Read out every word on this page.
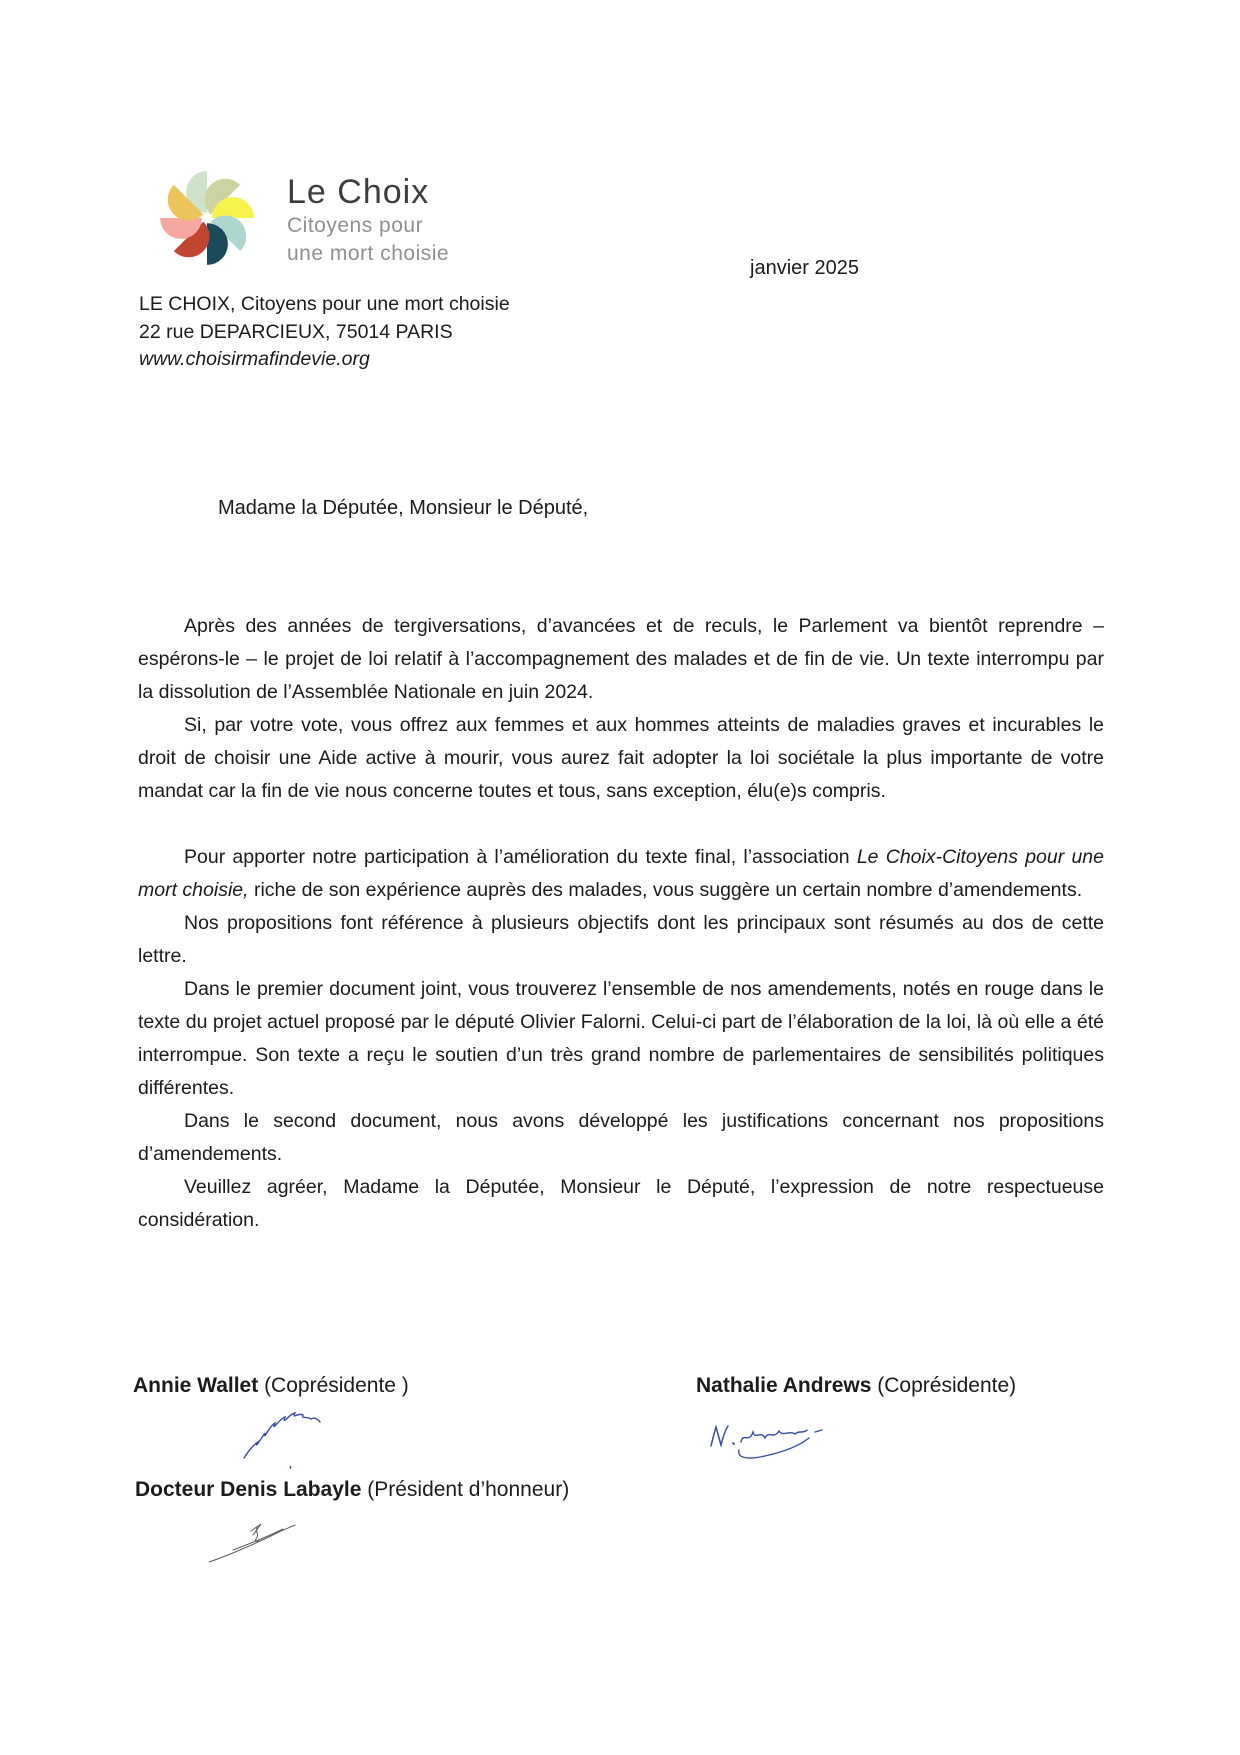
Le Choix
Citoyens pour
une mort choisie
janvier 2025
LE CHOIX, Citoyens pour une mort choisie
22 rue DEPARCIEUX, 75014 PARIS
www.choisirmafindevie.org
Madame la Députée, Monsieur le Député,

Après des années de tergiversations, d’avancées et de reculs, le Parlement va bientôt reprendre – espérons-le – le projet de loi relatif à l’accompagnement des malades et de fin de vie. Un texte interrompu par la dissolution de l’Assemblée Nationale en juin 2024.

Si, par votre vote, vous offrez aux femmes et aux hommes atteints de maladies graves et incurables le droit de choisir une Aide active à mourir, vous aurez fait adopter la loi sociétale la plus importante de votre mandat car la fin de vie nous concerne toutes et tous, sans exception, élu(e)s compris.

Pour apporter notre participation à l’amélioration du texte final, l’association Le Choix-Citoyens pour une mort choisie, riche de son expérience auprès des malades, vous suggère un certain nombre d’amendements.

Nos propositions font référence à plusieurs objectifs dont les principaux sont résumés au dos de cette lettre.

Dans le premier document joint, vous trouverez l’ensemble de nos amendements, notés en rouge dans le texte du projet actuel proposé par le député Olivier Falorni. Celui-ci part de l’élaboration de la loi, là où elle a été interrompue. Son texte a reçu le soutien d’un très grand nombre de parlementaires de sensibilités politiques différentes.

Dans le second document, nous avons développé les justifications concernant nos propositions d’amendements.

Veuillez agréer, Madame la Députée, Monsieur le Député, l’expression de notre respectueuse considération.

Annie Wallet (Coprésidente )	Nathalie Andrews (Coprésidente)
Docteur Denis Labayle (Président d’honneur)
